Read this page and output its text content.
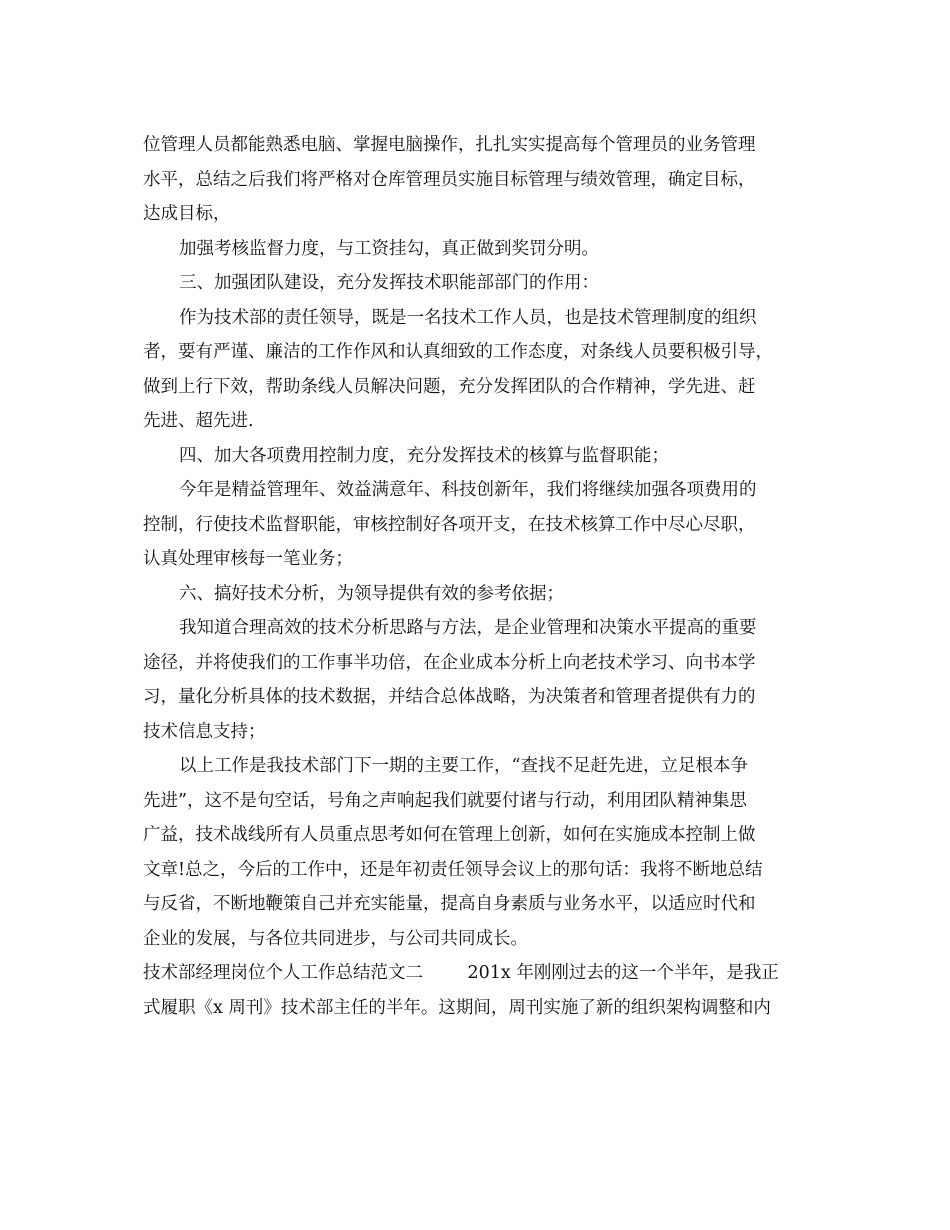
位管理人员都能熟悉电脑、掌握电脑操作，扎扎实实提高每个管理员的业务管理
水平，总结之后我们将严格对仓库管理员实施目标管理与绩效管理，确定目标，
达成目标，
加强考核监督力度，与工资挂勾，真正做到奖罚分明。
三、加强团队建设，充分发挥技术职能部部门的作用：
作为技术部的责任领导，既是一名技术工作人员，也是技术管理制度的组织
者，要有严谨、廉洁的工作作风和认真细致的工作态度，对条线人员要积极引导，
做到上行下效，帮助条线人员解决问题，充分发挥团队的合作精神，学先进、赶
先进、超先进.
四、加大各项费用控制力度，充分发挥技术的核算与监督职能；
今年是精益管理年、效益满意年、科技创新年，我们将继续加强各项费用的
控制，行使技术监督职能，审核控制好各项开支，在技术核算工作中尽心尽职，
认真处理审核每一笔业务；
六、搞好技术分析，为领导提供有效的参考依据；
我知道合理高效的技术分析思路与方法，是企业管理和决策水平提高的重要
途径，并将使我们的工作事半功倍，在企业成本分析上向老技术学习、向书本学
习，量化分析具体的技术数据，并结合总体战略，为决策者和管理者提供有力的
技术信息支持；
以上工作是我技术部门下一期的主要工作，“查找不足赶先进，立足根本争
先进”，这不是句空话，号角之声响起我们就要付诸与行动，利用团队精神集思
广益，技术战线所有人员重点思考如何在管理上创新，如何在实施成本控制上做
文章!总之，今后的工作中，还是年初责任领导会议上的那句话：我将不断地总结
与反省，不断地鞭策自己并充实能量，提高自身素质与业务水平，以适应时代和
企业的发展，与各位共同进步，与公司共同成长。
技术部经理岗位个人工作总结范文二        201x 年刚刚过去的这一个半年，是我正
式履职《x 周刊》技术部主任的半年。这期间，周刊实施了新的组织架构调整和内
